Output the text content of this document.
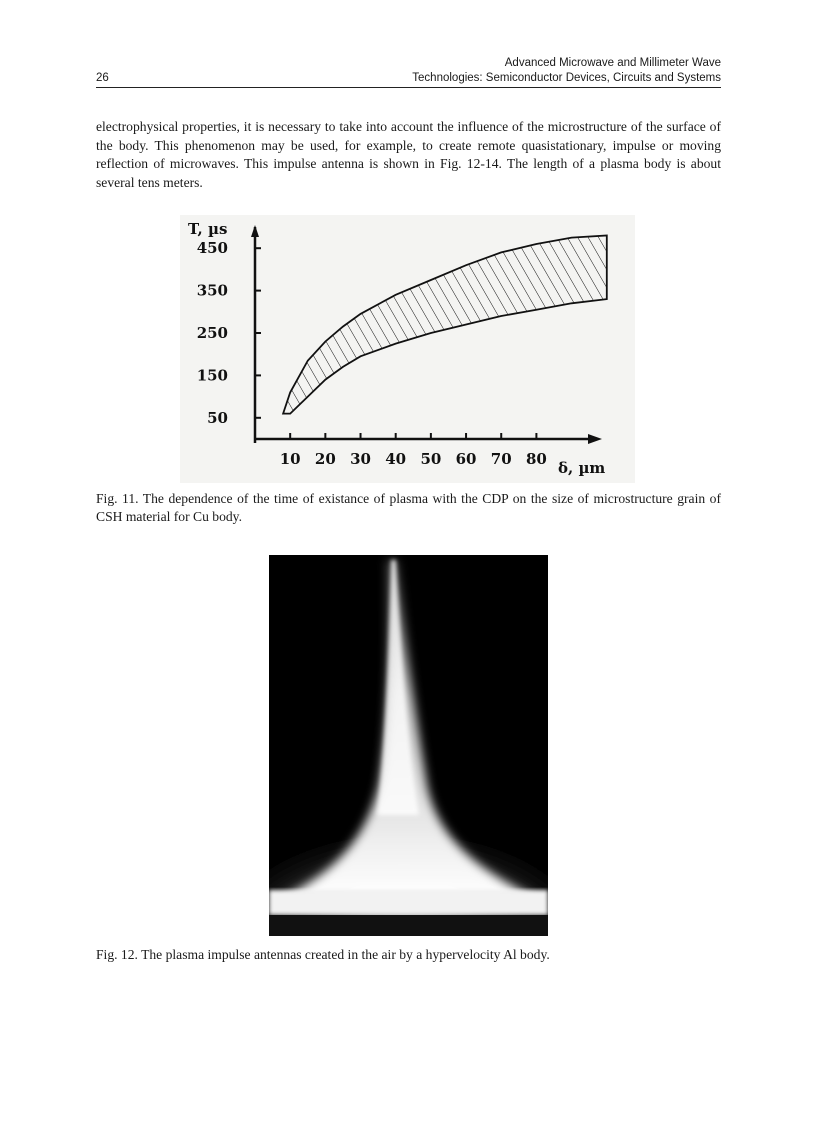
Advanced Microwave and Millimeter Wave
26	Technologies: Semiconductor Devices, Circuits and Systems
electrophysical properties, it is necessary to take into account the influence of the microstructure of the surface of the body. This phenomenon may be used, for example, to create remote quasistationary, impulse or moving reflection of microwaves. This impulse antenna is shown in Fig. 12-14. The length of a plasma body is about several tens meters.
10 20 30 40 50 60 70 80
450
350
250
150
50
T, µs
δ, µm
Fig. 11. The dependence of the time of existance of plasma with the CDP on the size of microstructure grain of CSH material for Cu body.
Fig. 12. The plasma impulse antennas created in the air by a hypervelocity Al body.
